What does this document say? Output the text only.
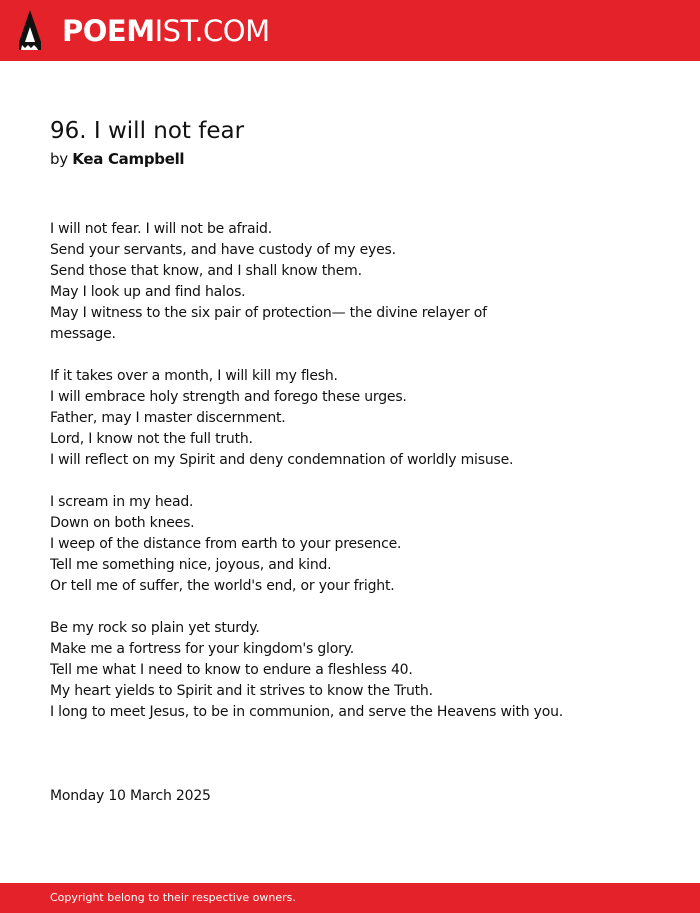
POEMIST.COM
96. I will not fear
by Kea Campbell
I will not fear. I will not be afraid.
Send your servants, and have custody of my eyes.
Send those that know, and I shall know them.
May I look up and find halos.
May I witness to the six pair of protection— the divine relayer of
message.
If it takes over a month, I will kill my flesh.
I will embrace holy strength and forego these urges.
Father, may I master discernment.
Lord, I know not the full truth.
I will reflect on my Spirit and deny condemnation of worldly misuse.
I scream in my head.
Down on both knees.
I weep of the distance from earth to your presence.
Tell me something nice, joyous, and kind.
Or tell me of suffer, the world's end, or your fright.
Be my rock so plain yet sturdy.
Make me a fortress for your kingdom's glory.
Tell me what I need to know to endure a fleshless 40.
My heart yields to Spirit and it strives to know the Truth.
I long to meet Jesus, to be in communion, and serve the Heavens with you.
Monday 10 March 2025
Copyright belong to their respective owners.
